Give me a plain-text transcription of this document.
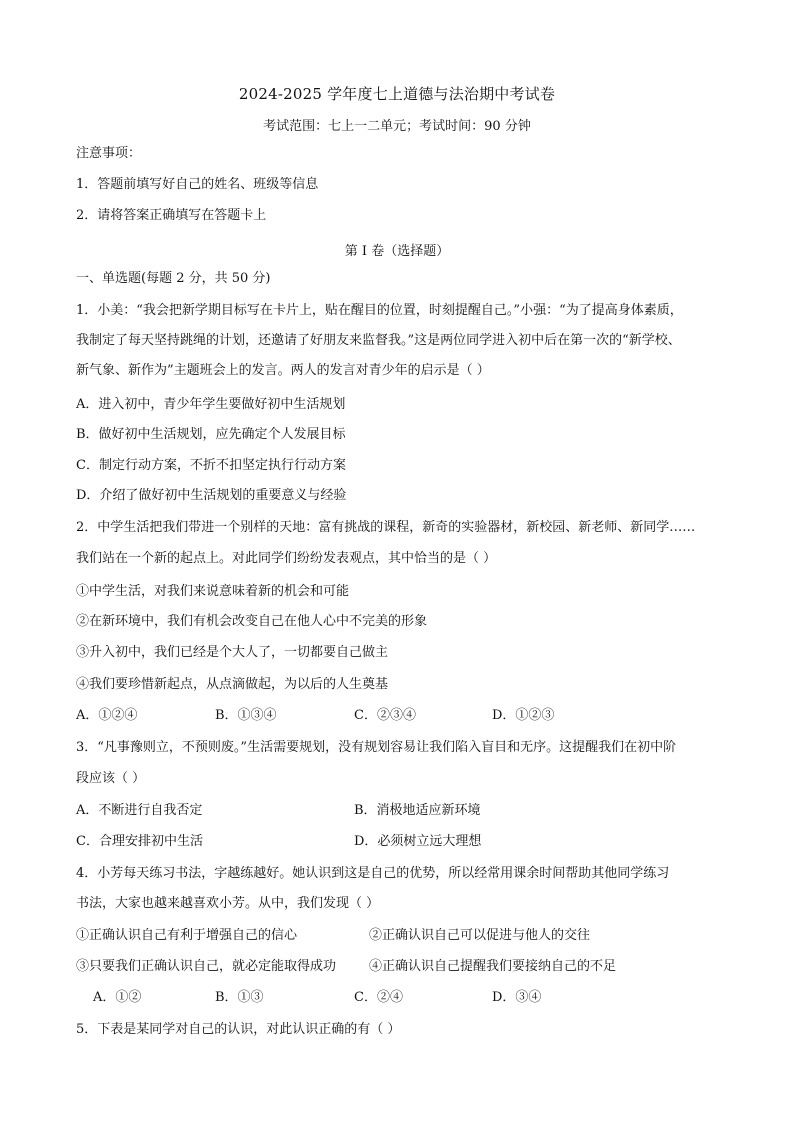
2024-2025 学年度七上道德与法治期中考试卷
考试范围：七上一二单元；考试时间：90 分钟
注意事项：
1．答题前填写好自己的姓名、班级等信息
2．请将答案正确填写在答题卡上
第 I 卷（选择题）
一、单选题(每题 2 分，共 50 分)
1．小美：“我会把新学期目标写在卡片上，贴在醒目的位置，时刻提醒自己。”小强：“为了提高身体素质，
我制定了每天坚持跳绳的计划，还邀请了好朋友来监督我。”这是两位同学进入初中后在第一次的“新学校、
新气象、新作为”主题班会上的发言。两人的发言对青少年的启示是（ ）
A．进入初中，青少年学生要做好初中生活规划
B．做好初中生活规划，应先确定个人发展目标
C．制定行动方案，不折不扣坚定执行行动方案
D．介绍了做好初中生活规划的重要意义与经验
2．中学生活把我们带进一个别样的天地：富有挑战的课程，新奇的实验器材，新校园、新老师、新同学……
我们站在一个新的起点上。对此同学们纷纷发表观点，其中恰当的是（ ）
①中学生活，对我们来说意味着新的机会和可能
②在新环境中，我们有机会改变自己在他人心中不完美的形象
③升入初中，我们已经是个大人了，一切都要自己做主
④我们要珍惜新起点，从点滴做起，为以后的人生奠基
A．①②④	B．①③④	C．②③④	D．①②③
3．“凡事豫则立，不预则废。”生活需要规划，没有规划容易让我们陷入盲目和无序。这提醒我们在初中阶
段应该（ ）
A．不断进行自我否定	B．消极地适应新环境
C．合理安排初中生活	D．必须树立远大理想
4．小芳每天练习书法，字越练越好。她认识到这是自己的优势，所以经常用课余时间帮助其他同学练习
书法，大家也越来越喜欢小芳。从中，我们发现（ ）
①正确认识自己有利于增强自己的信心	②正确认识自己可以促进与他人的交往
③只要我们正确认识自己，就必定能取得成功	④正确认识自己提醒我们要接纳自己的不足
A．①②	B．①③	C．②④	D．③④
5．下表是某同学对自己的认识，对此认识正确的有（ ）
